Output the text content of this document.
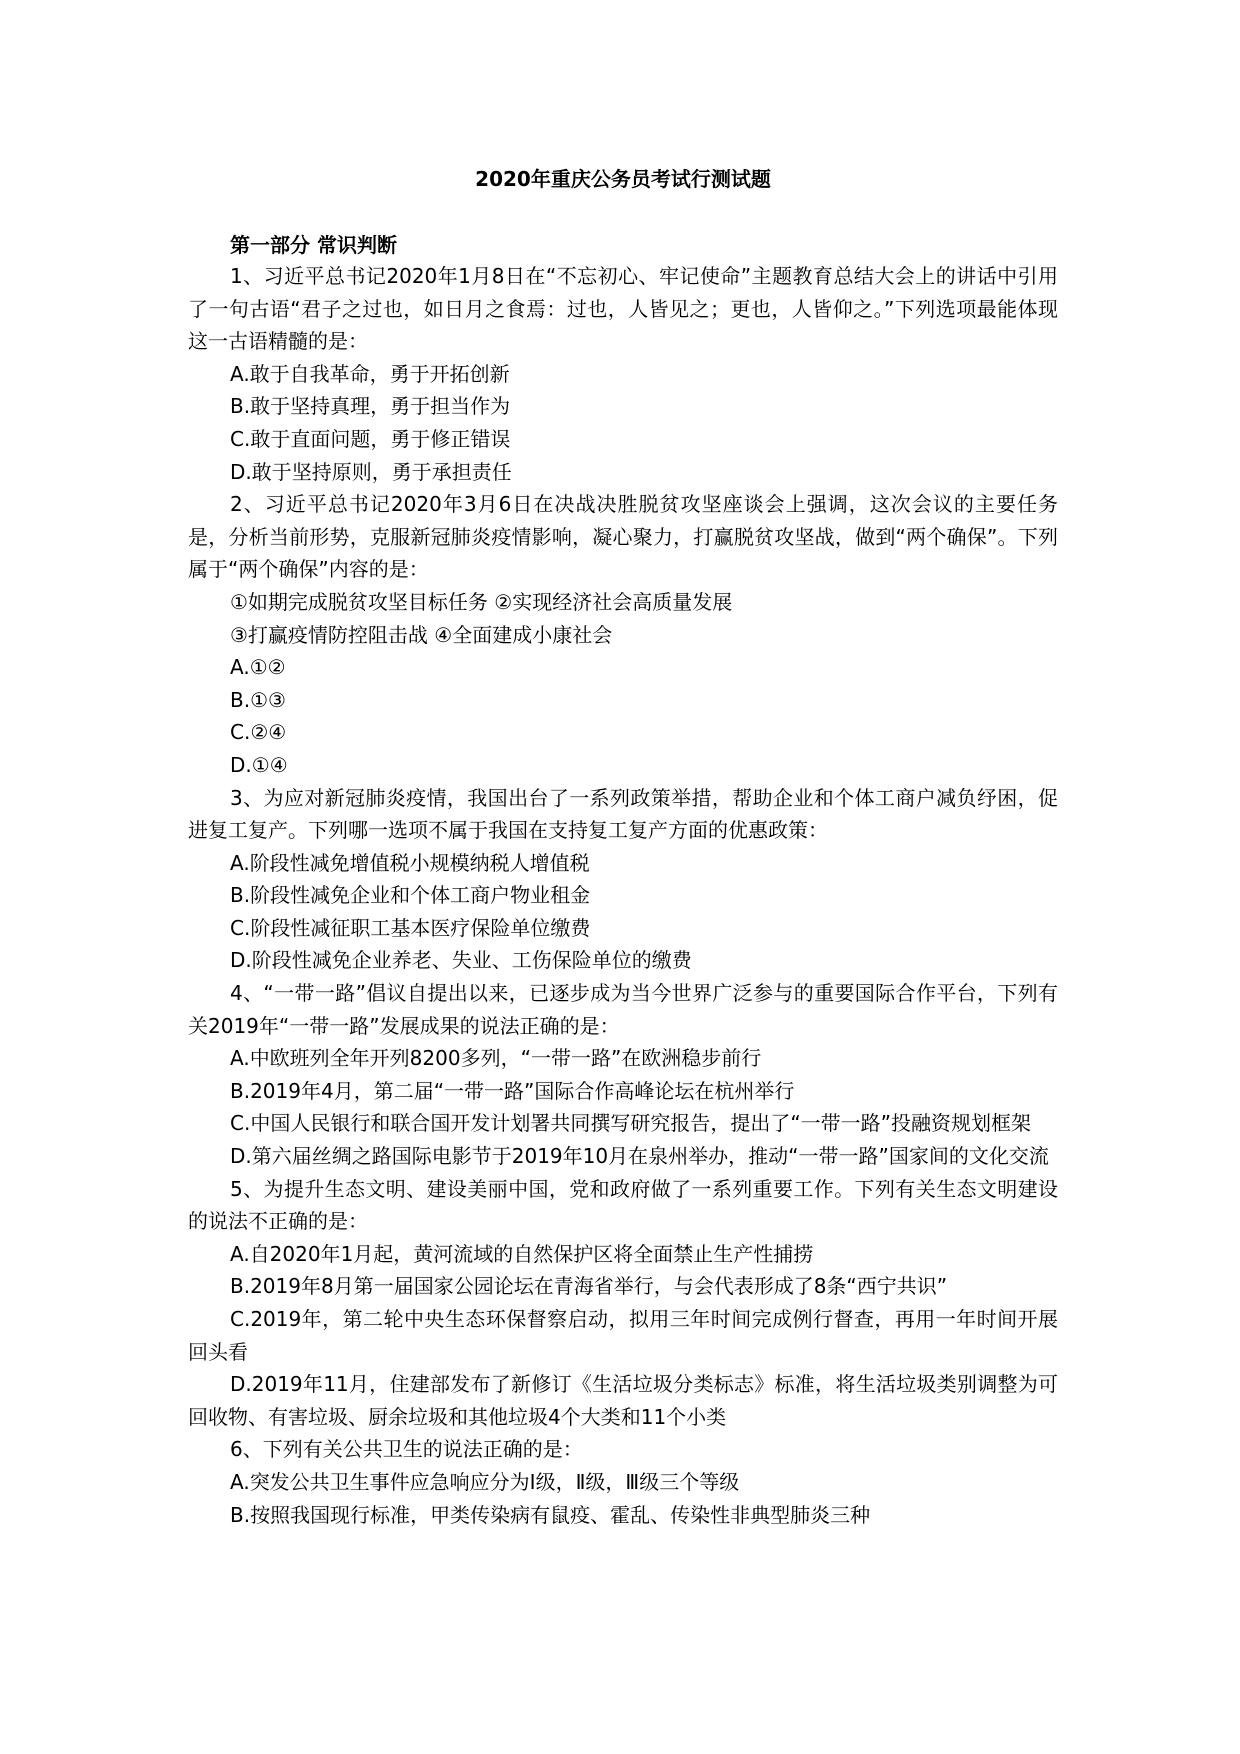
2020年重庆公务员考试行测试题
第一部分 常识判断

1、习近平总书记2020年1月8日在“不忘初心、牢记使命”主题教育总结大会上的讲话中引用了一句古语“君子之过也，如日月之食焉：过也，人皆见之；更也，人皆仰之。”下列选项最能体现这一古语精髓的是：

A.敢于自我革命，勇于开拓创新

B.敢于坚持真理，勇于担当作为

C.敢于直面问题，勇于修正错误

D.敢于坚持原则，勇于承担责任

2、习近平总书记2020年3月6日在决战决胜脱贫攻坚座谈会上强调，这次会议的主要任务是，分析当前形势，克服新冠肺炎疫情影响，凝心聚力，打赢脱贫攻坚战，做到“两个确保”。下列属于“两个确保”内容的是：

①如期完成脱贫攻坚目标任务 ②实现经济社会高质量发展

③打赢疫情防控阻击战 ④全面建成小康社会

A.①②

B.①③

C.②④

D.①④

3、为应对新冠肺炎疫情，我国出台了一系列政策举措，帮助企业和个体工商户减负纾困，促进复工复产。下列哪一选项不属于我国在支持复工复产方面的优惠政策：

A.阶段性减免增值税小规模纳税人增值税

B.阶段性减免企业和个体工商户物业租金

C.阶段性减征职工基本医疗保险单位缴费

D.阶段性减免企业养老、失业、工伤保险单位的缴费

4、“一带一路”倡议自提出以来，已逐步成为当今世界广泛参与的重要国际合作平台，下列有关2019年“一带一路”发展成果的说法正确的是：

A.中欧班列全年开列8200多列，“一带一路”在欧洲稳步前行

B.2019年4月，第二届“一带一路”国际合作高峰论坛在杭州举行

C.中国人民银行和联合国开发计划署共同撰写研究报告，提出了“一带一路”投融资规划框架

D.第六届丝绸之路国际电影节于2019年10月在泉州举办，推动“一带一路”国家间的文化交流

5、为提升生态文明、建设美丽中国，党和政府做了一系列重要工作。下列有关生态文明建设的说法不正确的是：

A.自2020年1月起，黄河流域的自然保护区将全面禁止生产性捕捞

B.2019年8月第一届国家公园论坛在青海省举行，与会代表形成了8条“西宁共识”

C.2019年，第二轮中央生态环保督察启动，拟用三年时间完成例行督查，再用一年时间开展回头看

D.2019年11月，住建部发布了新修订《生活垃圾分类标志》标准，将生活垃圾类别调整为可回收物、有害垃圾、厨余垃圾和其他垃圾4个大类和11个小类

6、下列有关公共卫生的说法正确的是：

A.突发公共卫生事件应急响应分为Ⅰ级，Ⅱ级，Ⅲ级三个等级

B.按照我国现行标准，甲类传染病有鼠疫、霍乱、传染性非典型肺炎三种
